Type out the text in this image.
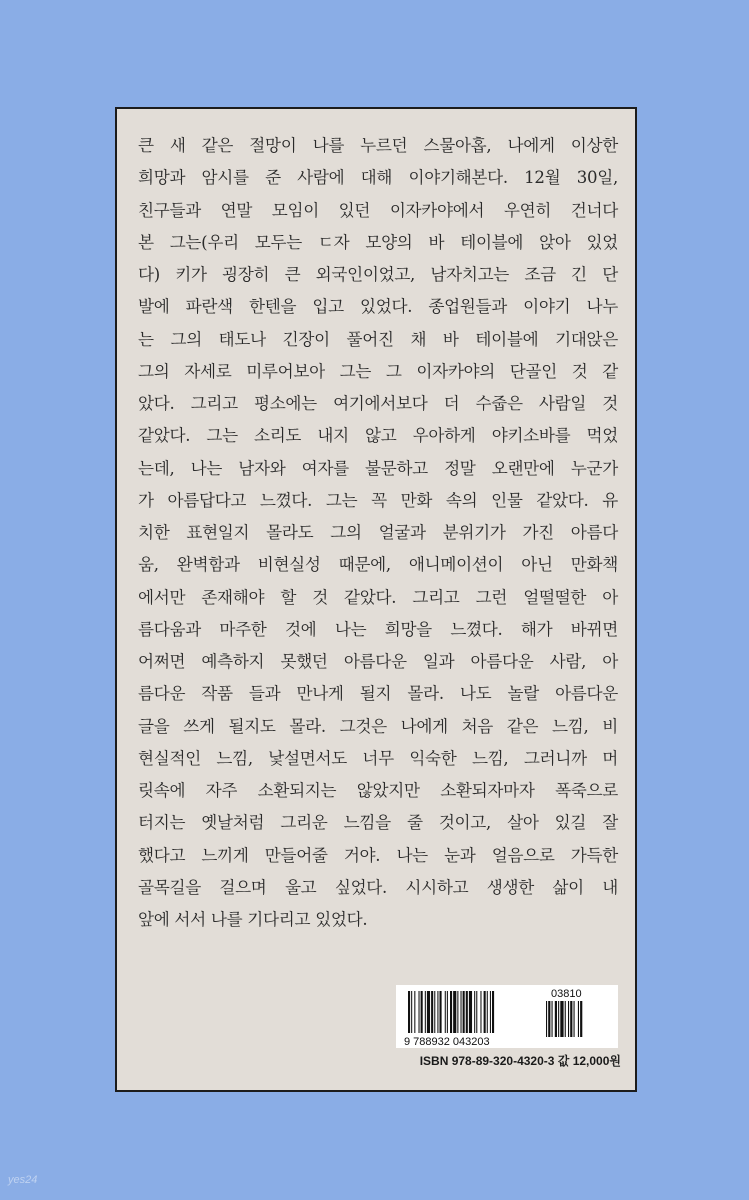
큰 새 같은 절망이 나를 누르던 스물아홉, 나에게 이상한
희망과 암시를 준 사람에 대해 이야기해본다. 12월 30일,
친구들과 연말 모임이 있던 이자카야에서 우연히 건너다
본 그는(우리 모두는 ㄷ자 모양의 바 테이블에 앉아 있었
다) 키가 굉장히 큰 외국인이었고, 남자치고는 조금 긴 단
발에 파란색 한텐을 입고 있었다. 종업원들과 이야기 나누
는 그의 태도나 긴장이 풀어진 채 바 테이블에 기대앉은
그의 자세로 미루어보아 그는 그 이자카야의 단골인 것 같
았다. 그리고 평소에는 여기에서보다 더 수줍은 사람일 것
같았다. 그는 소리도 내지 않고 우아하게 야키소바를 먹었
는데, 나는 남자와 여자를 불문하고 정말 오랜만에 누군가
가 아름답다고 느꼈다. 그는 꼭 만화 속의 인물 같았다. 유
치한 표현일지 몰라도 그의 얼굴과 분위기가 가진 아름다
움, 완벽함과 비현실성 때문에, 애니메이션이 아닌 만화책
에서만 존재해야 할 것 같았다. 그리고 그런 얼떨떨한 아
름다움과 마주한 것에 나는 희망을 느꼈다. 해가 바뀌면
어쩌면 예측하지 못했던 아름다운 일과 아름다운 사람, 아
름다운 작품 들과 만나게 될지 몰라. 나도 놀랄 아름다운
글을 쓰게 될지도 몰라. 그것은 나에게 처음 같은 느낌, 비
현실적인 느낌, 낯설면서도 너무 익숙한 느낌, 그러니까 머
릿속에 자주 소환되지는 않았지만 소환되자마자 폭죽으로
터지는 옛날처럼 그리운 느낌을 줄 것이고, 살아 있길 잘
했다고 느끼게 만들어줄 거야. 나는 눈과 얼음으로 가득한
골목길을 걸으며 울고 싶었다. 시시하고 생생한 삶이 내
앞에 서서 나를 기다리고 있었다.
9 788932 043203
03810
ISBN 978-89-320-4320-3 값 12,000원
yes24
